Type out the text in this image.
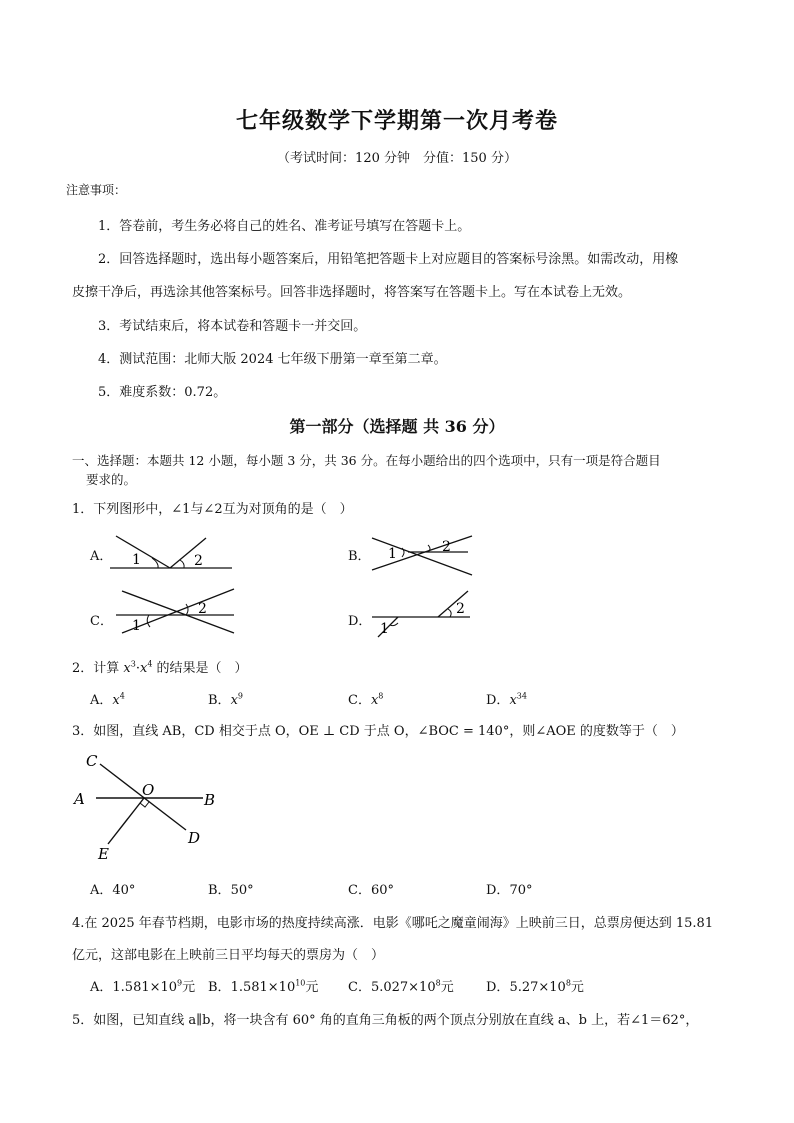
七年级数学下学期第一次月考卷
（考试时间：120 分钟　分值：150 分）
注意事项：
1．答卷前，考生务必将自己的姓名、准考证号填写在答题卡上。
2．回答选择题时，选出每小题答案后，用铅笔把答题卡上对应题目的答案标号涂黑。如需改动，用橡
皮擦干净后，再选涂其他答案标号。回答非选择题时，将答案写在答题卡上。写在本试卷上无效。
3．考试结束后，将本试卷和答题卡一并交回。
4．测试范围：北师大版 2024 七年级下册第一章至第二章。
5．难度系数：0.72。
第一部分（选择题 共 36 分）
一、选择题：本题共 12 小题，每小题 3 分，共 36 分。在每小题给出的四个选项中，只有一项是符合题目
要求的。
1．下列图形中，∠1与∠2互为对顶角的是（　）
A． 1	2	B． 1	2
C． 1
2
D． 1
2
2．计算 $x^3\cdot x^4$ 的结果是（　）
A．$x^4$	B．$x^9$	C．$x^8$	D．$x^{34}$
3．如图，直线 AB，CD 相交于点 O，OE ⊥ CD 于点 O，∠BOC = 140°，则∠AOE 的度数等于（　）
C
O
A	B
E
D
A．40°	B．50°	C．60°	D．70°
4.在 2025 年春节档期，电影市场的热度持续高涨．电影《哪吒之魔童闹海》上映前三日，总票房便达到 15.81
亿元，这部电影在上映前三日平均每天的票房为（　）
A．$1.581\times 10^9$元 B．$1.581\times 10^{10}$元 C．$5.027\times 10^8$元 D．$5.27\times 10^8$元
5．如图，已知直线 a∥b，将一块含有 60° 角的直角三角板的两个顶点分别放在直线 a、b 上，若∠1＝62°，
